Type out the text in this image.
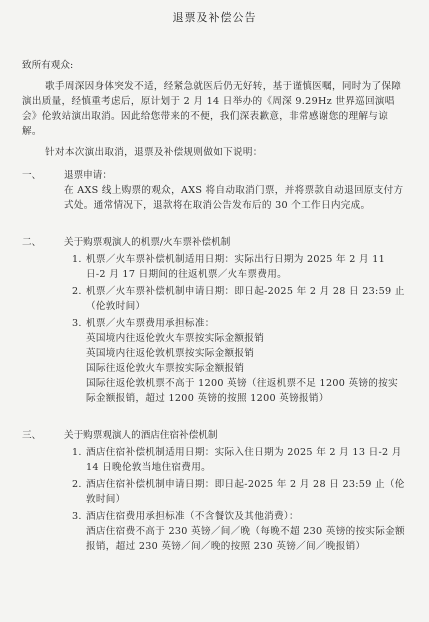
退票及补偿公告
致所有观众:

歌手周深因身体突发不适，经紧急就医后仍无好转，基于谨慎医嘱，同时为了保障演出质量，经慎重考虑后，原计划于 2 月 14 日举办的《周深 9.29Hz 世界巡回演唱会》伦敦站演出取消。因此给您带来的不便，我们深表歉意，非常感谢您的理解与谅解。

针对本次演出取消，退票及补偿规则做如下说明：

一、	退票申请：
在 AXS 线上购票的观众，AXS 将自动取消门票，并将票款自动退回原支付方式处。通常情况下，退款将在取消公告发布后的 30 个工作日内完成。
二、	关于购票观演人的机票/火车票补偿机制
1. 机票／火车票补偿机制适用日期：实际出行日期为 2025 年 2 月 11 日-2 月 17 日期间的往返机票／火车票费用。
2. 机票／火车票补偿机制申请日期：即日起-2025 年 2 月 28 日 23:59 止（伦敦时间）
3. 机票／火车票费用承担标准：
英国境内往返伦敦火车票按实际金额报销
英国境内往返伦敦机票按实际金额报销
国际往返伦敦火车票按实际金额报销
国际往返伦敦机票不高于 1200 英镑（往返机票不足 1200 英镑的按实际金额报销，超过 1200 英镑的按照 1200 英镑报销）
三、	关于购票观演人的酒店住宿补偿机制
1. 酒店住宿补偿机制适用日期：实际入住日期为 2025 年 2 月 13 日-2 月 14 日晚伦敦当地住宿费用。
2. 酒店住宿补偿机制申请日期：即日起-2025 年 2 月 28 日 23:59 止（伦敦时间）
3. 酒店住宿费用承担标准（不含餐饮及其他消费）：
酒店住宿费不高于 230 英镑／间／晚（每晚不超 230 英镑的按实际金额报销，超过 230 英镑／间／晚的按照 230 英镑／间／晚报销）
